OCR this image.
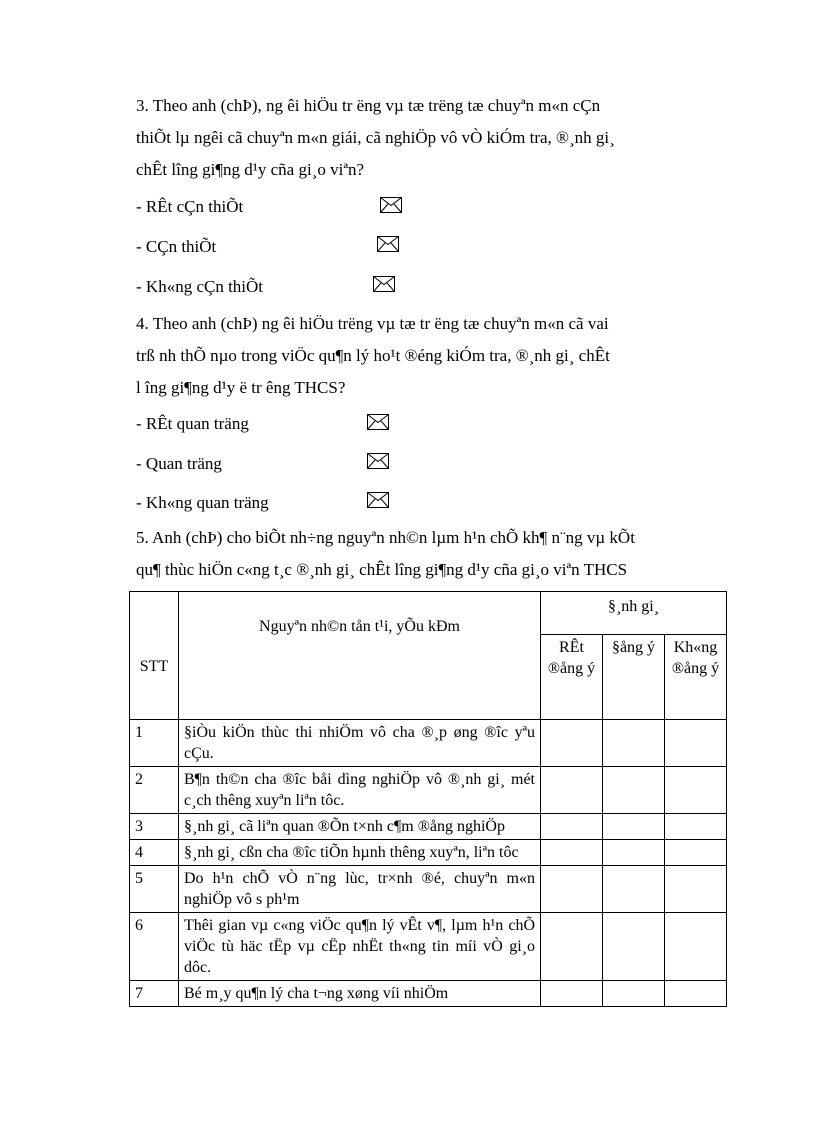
3. Theo anh (chÞ), ng êi hiÖu tr ëng vµ tæ trëng tæ chuyªn m«n cÇn
thiÕt lµ ngêi cã chuyªn m«n giái, cã nghiÖp vô vÒ kiÓm tra, ®¸nh gi¸
chÊt lîng gi¶ng d¹y cña gi¸o viªn?
- RÊt cÇn thiÕt
- CÇn thiÕt
- Kh«ng cÇn thiÕt
4. Theo anh (chÞ) ng êi hiÖu trëng vµ tæ tr ëng tæ chuyªn m«n cã vai
trß nh thÕ nµo trong viÖc qu¶n lý ho¹t ®éng kiÓm tra, ®¸nh gi¸ chÊt
l îng gi¶ng d¹y ë tr êng THCS?
- RÊt quan träng
- Quan träng
- Kh«ng quan träng
5. Anh (chÞ) cho biÕt nh÷ng nguyªn nh©n lµm h¹n chÕ kh¶ n¨ng vµ kÕt
qu¶ thùc hiÖn c«ng t¸c ®¸nh gi¸ chÊt lîng gi¶ng d¹y cña gi¸o viªn THCS
STT	Nguyªn nh©n tån t¹i, yÕu kÐm	§¸nh gi¸		
		RÊt ®ång ý	§ång ý	Kh«ng ®ång ý
1	§iÒu kiÖn thùc thi nhiÖm vô cha ®¸p øng ®îc yªu cÇu.			
2	B¶n th©n cha ®îc båi dìng nghiÖp vô ®¸nh gi¸ mét c¸ch thêng xuyªn liªn tôc.			
3	§¸nh gi¸ cã liªn quan ®Õn t×nh c¶m ®ång nghiÖp			
4	§¸nh gi¸ cßn cha ®îc tiÕn hµnh thêng xuyªn, liªn tôc			
5	Do h¹n chÕ vÒ n¨ng lùc, tr×nh ®é, chuyªn m«n nghiÖp vô s ph¹m			
6	Thêi gian vµ c«ng viÖc qu¶n lý vÊt v¶, lµm h¹n chÕ viÖc tù häc tËp vµ cËp nhËt th«ng tin míi vÒ gi¸o dôc.			
7	Bé m¸y qu¶n lý cha t¬ng xøng víi nhiÖm			
